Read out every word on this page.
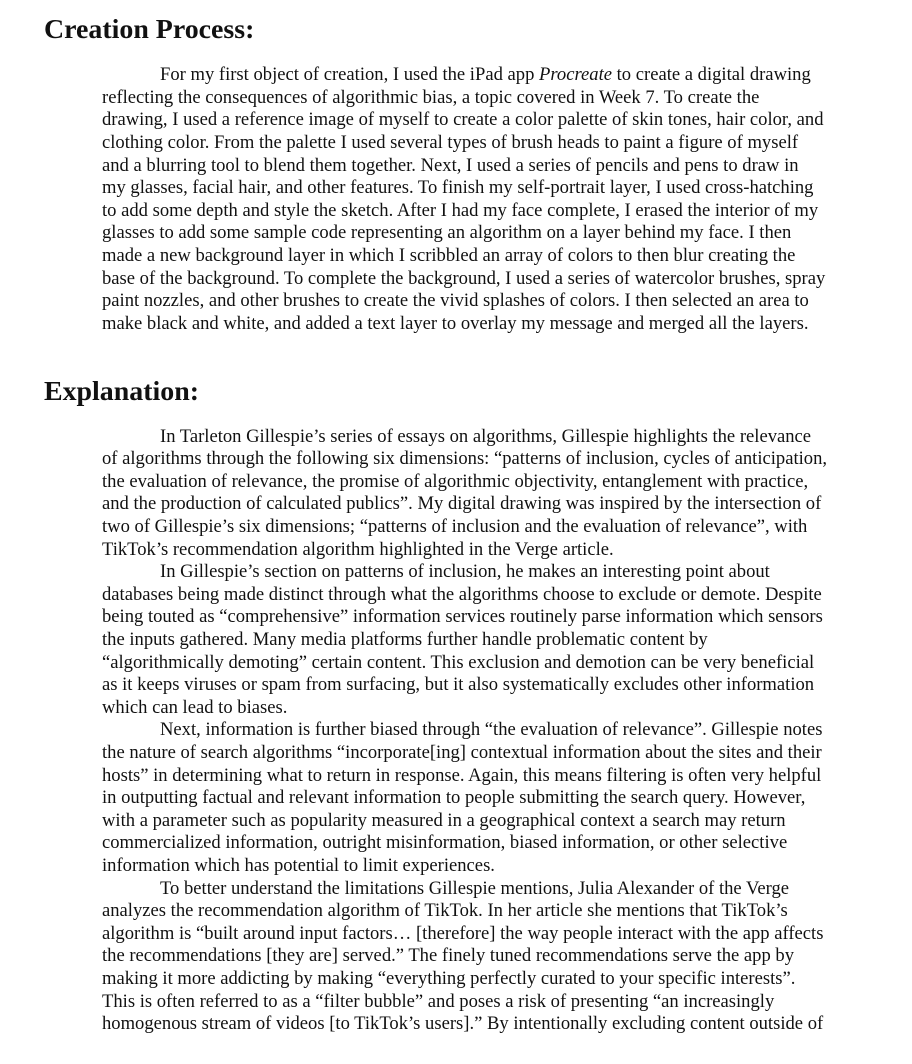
Creation Process:
For my first object of creation, I used the iPad app Procreate to create a digital drawing
reflecting the consequences of algorithmic bias, a topic covered in Week 7. To create the
drawing, I used a reference image of myself to create a color palette of skin tones, hair color, and
clothing color. From the palette I used several types of brush heads to paint a figure of myself
and a blurring tool to blend them together. Next, I used a series of pencils and pens to draw in
my glasses, facial hair, and other features. To finish my self-portrait layer, I used cross-hatching
to add some depth and style the sketch. After I had my face complete, I erased the interior of my
glasses to add some sample code representing an algorithm on a layer behind my face. I then
made a new background layer in which I scribbled an array of colors to then blur creating the
base of the background. To complete the background, I used a series of watercolor brushes, spray
paint nozzles, and other brushes to create the vivid splashes of colors. I then selected an area to
make black and white, and added a text layer to overlay my message and merged all the layers.
Explanation:
In Tarleton Gillespie’s series of essays on algorithms, Gillespie highlights the relevance
of algorithms through the following six dimensions: “patterns of inclusion, cycles of anticipation,
the evaluation of relevance, the promise of algorithmic objectivity, entanglement with practice,
and the production of calculated publics”. My digital drawing was inspired by the intersection of
two of Gillespie’s six dimensions; “patterns of inclusion and the evaluation of relevance”, with
TikTok’s recommendation algorithm highlighted in the Verge article.
In Gillespie’s section on patterns of inclusion, he makes an interesting point about
databases being made distinct through what the algorithms choose to exclude or demote. Despite
being touted as “comprehensive” information services routinely parse information which sensors
the inputs gathered. Many media platforms further handle problematic content by
“algorithmically demoting” certain content. This exclusion and demotion can be very beneficial
as it keeps viruses or spam from surfacing, but it also systematically excludes other information
which can lead to biases.
Next, information is further biased through “the evaluation of relevance”. Gillespie notes
the nature of search algorithms “incorporate[ing] contextual information about the sites and their
hosts” in determining what to return in response. Again, this means filtering is often very helpful
in outputting factual and relevant information to people submitting the search query. However,
with a parameter such as popularity measured in a geographical context a search may return
commercialized information, outright misinformation, biased information, or other selective
information which has potential to limit experiences.
To better understand the limitations Gillespie mentions, Julia Alexander of the Verge
analyzes the recommendation algorithm of TikTok. In her article she mentions that TikTok’s
algorithm is “built around input factors… [therefore] the way people interact with the app affects
the recommendations [they are] served.” The finely tuned recommendations serve the app by
making it more addicting by making “everything perfectly curated to your specific interests”.
This is often referred to as a “filter bubble” and poses a risk of presenting “an increasingly
homogenous stream of videos [to TikTok’s users].” By intentionally excluding content outside of
